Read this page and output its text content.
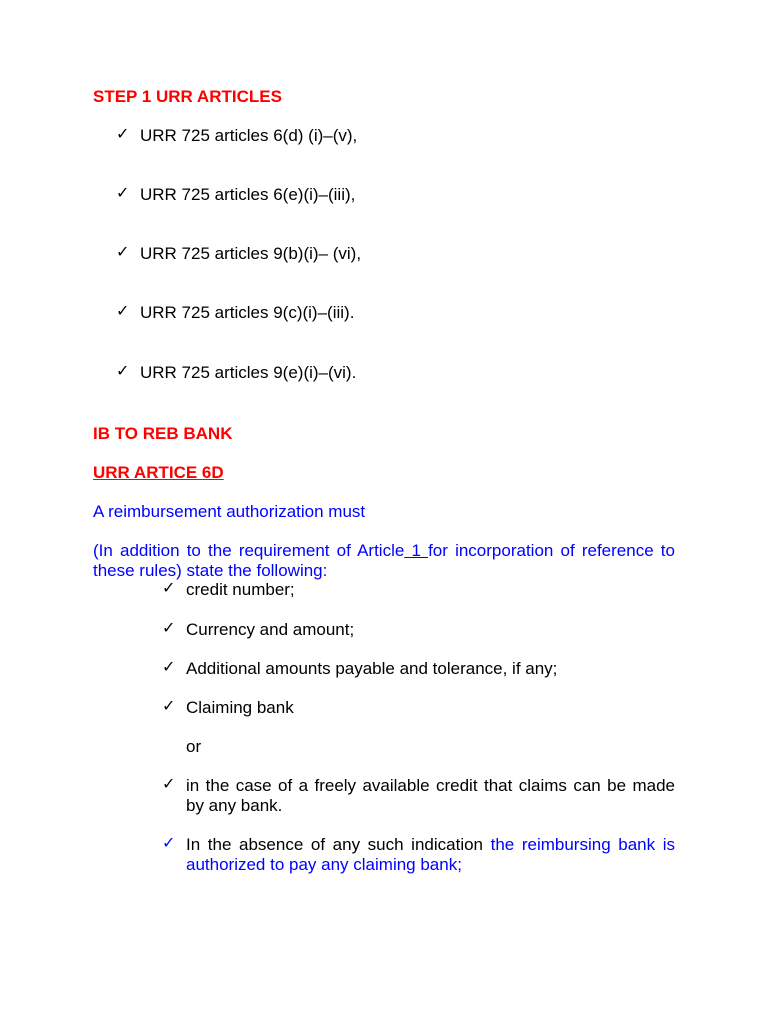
STEP 1 URR ARTICLES
✓ URR 725 articles 6(d) (i)–(v),
✓ URR 725 articles 6(e)(i)–(iii),
✓ URR 725 articles 9(b)(i)– (vi),
✓ URR 725 articles 9(c)(i)–(iii).
✓ URR 725 articles 9(e)(i)–(vi).
IB TO REB BANK
URR ARTICE 6D
A reimbursement authorization must
(In addition to the requirement of Article 1 for incorporation of reference to these rules) state the following:
✓ credit number;
✓ Currency and amount;
✓ Additional amounts payable and tolerance, if any;
✓ Claiming bank
or
✓ in the case of a freely available credit that claims can be made by any bank.
✓ In the absence of any such indication the reimbursing bank is authorized to pay any claiming bank;
